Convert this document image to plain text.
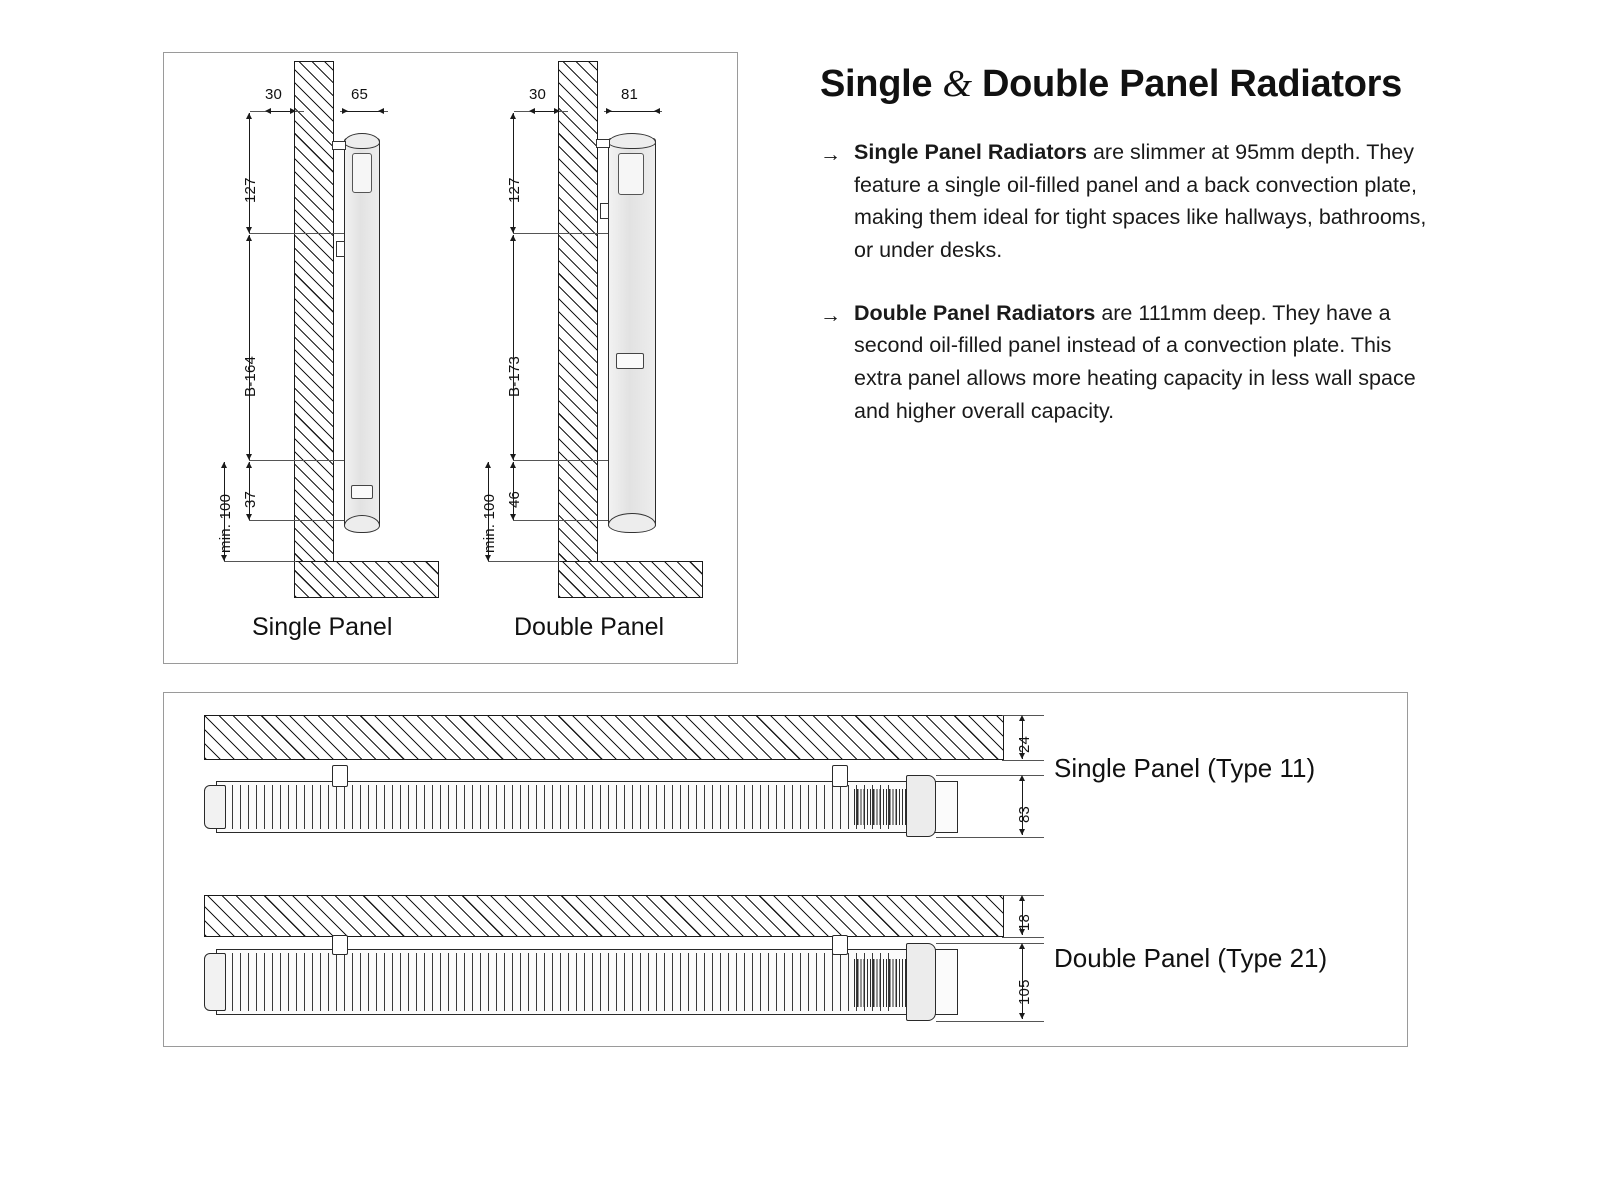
30	65
127
B-164
37
min. 100
Single Panel
30	81
127
B-173
46
min. 100
Double Panel
Single & Double Panel Radiators
→ Single Panel Radiators are slimmer at 95mm depth. They feature a single oil-filled panel and a back convection plate, making them ideal for tight spaces like hallways, bathrooms, or under desks.
→ Double Panel Radiators are 111mm deep. They have a second oil-filled panel instead of a convection plate. This extra panel allows more heating capacity in less wall space and higher overall capacity.
24
83
Single Panel (Type 11)
18
105
Double Panel (Type 21)
